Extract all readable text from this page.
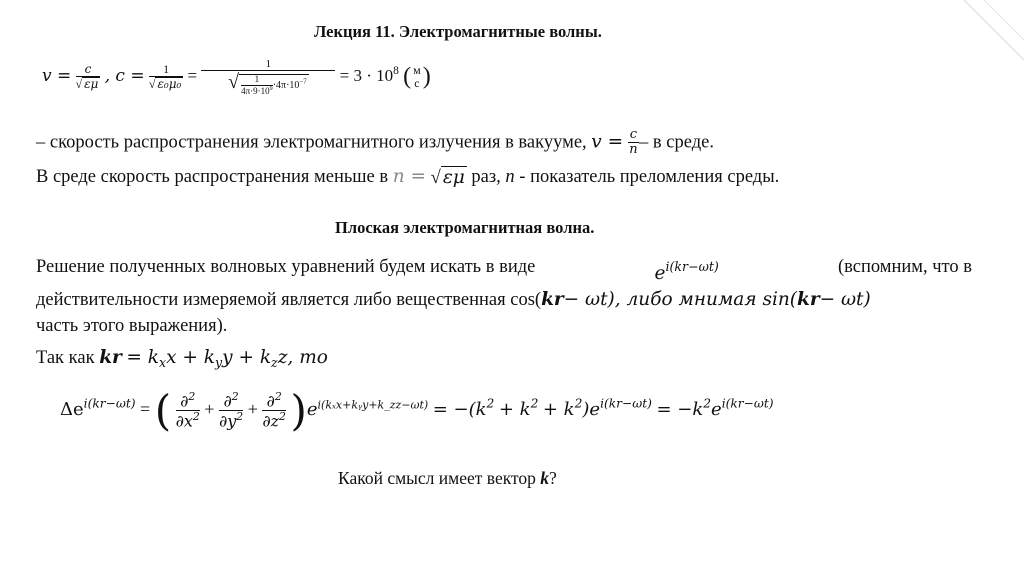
Лекция 11. Электромагнитные волны.
$v = \frac{c}{√ \varepsilon\mu}$ , $c = \frac{1}{\text{√ ε₀μ₀}} = \frac{1}{√ \frac{1}{4\pi\cdot 9\cdot 10^9} \cdot 4\pi\cdot 10^{-7}} = 3 \cdot 10^8$ ( м
с )
– скорость распространения электромагнитного излучения в вакууме, $v = \frac{c}{n} - в$ среде.
В среде скорость распространения меньше в n = √ εμ раз, n - показатель преломления среды.
Плоская электромагнитная волна.
Решение полученных волновых уравнений будем искать в виде	$e^{i(kr-\omega t)}$	(вспомним, что в
действительности измеряемой является либо вещественная cos(kr− ωt), либо мнимая sin(kr− ωt)
часть этого выражения).
Так как kr = $k_xx + k_yy + k_zz$, то
$\Delta e^{i(kr-\omega t)}$ = ( $\frac{\partial^2}{\partial x^2} + \frac{\partial^2}{\partial y^2} + \frac{\partial^2}{\partial z^2} )e^{i(k_xx+kᵧy+k\_zz-\omega t)} = -(k^2 + k^2 + k^2)e^{i(kr-\omega t)} = -k^2e^{i(kr-\omega t)}$
Какой смысл имеет вектор k?
